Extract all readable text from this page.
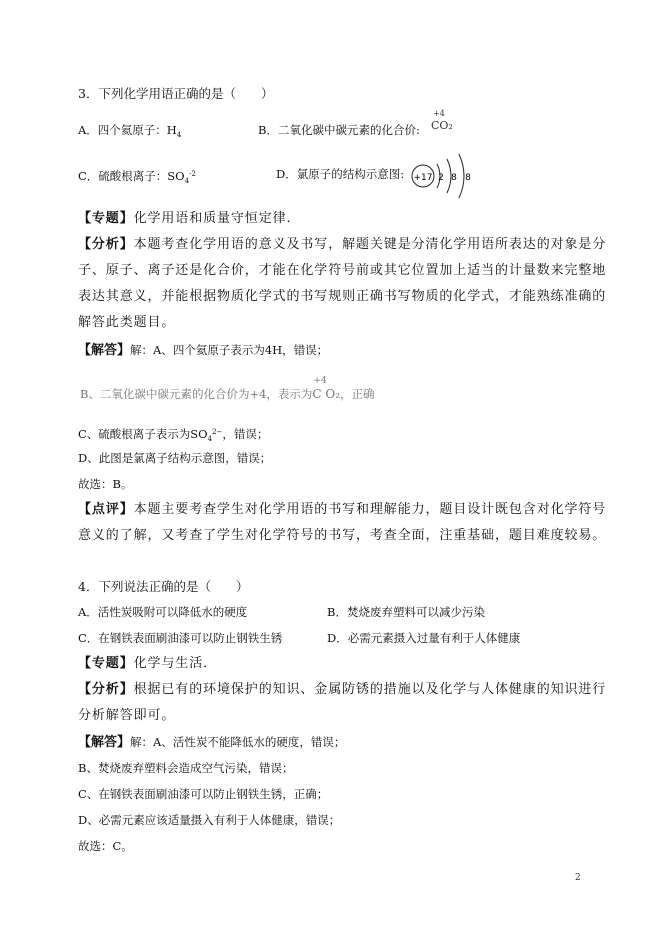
3．下列化学用语正确的是（　　）
A．四个氦原子：$H_4$	B．二氧化碳中碳元素的化合价:
+4
CO₂
C．硫酸根离子：$SO_4^{-2}$	D．氯原子的结构示意图: +17 2 8 8
【专题】化学用语和质量守恒定律．
【分析】本题考查化学用语的意义及书写，解题关键是分清化学用语所表达的对象是分
子、原子、离子还是化合价，才能在化学符号前或其它位置加上适当的计量数来完整地
表达其意义，并能根据物质化学式的书写规则正确书写物质的化学式，才能熟练准确的
解答此类题目。
【解答】解：A、四个氦原子表示为4H，错误；
B、二氧化碳中碳元素的化合价为+4，表示为
+4
C O₂，正确
C、硫酸根离子表示为$SO_4^{2-}$，错误；
D、此图是氯离子结构示意图，错误；
故选：B。
【点评】本题主要考查学生对化学用语的书写和理解能力，题目设计既包含对化学符号
意义的了解，又考查了学生对化学符号的书写，考查全面，注重基础，题目难度较易。
4．下列说法正确的是（　　）
A．活性炭吸附可以降低水的硬度	B．焚烧废弃塑料可以减少污染
C．在钢铁表面刷油漆可以防止钢铁生锈	D．必需元素摄入过量有利于人体健康
【专题】化学与生活．
【分析】根据已有的环境保护的知识、金属防锈的措施以及化学与人体健康的知识进行
分析解答即可。
【解答】解：A、活性炭不能降低水的硬度，错误；
B、焚烧废弃塑料会造成空气污染，错误；
C、在钢铁表面刷油漆可以防止钢铁生锈，正确；
D、必需元素应该适量摄入有利于人体健康，错误；
故选：C。
2
